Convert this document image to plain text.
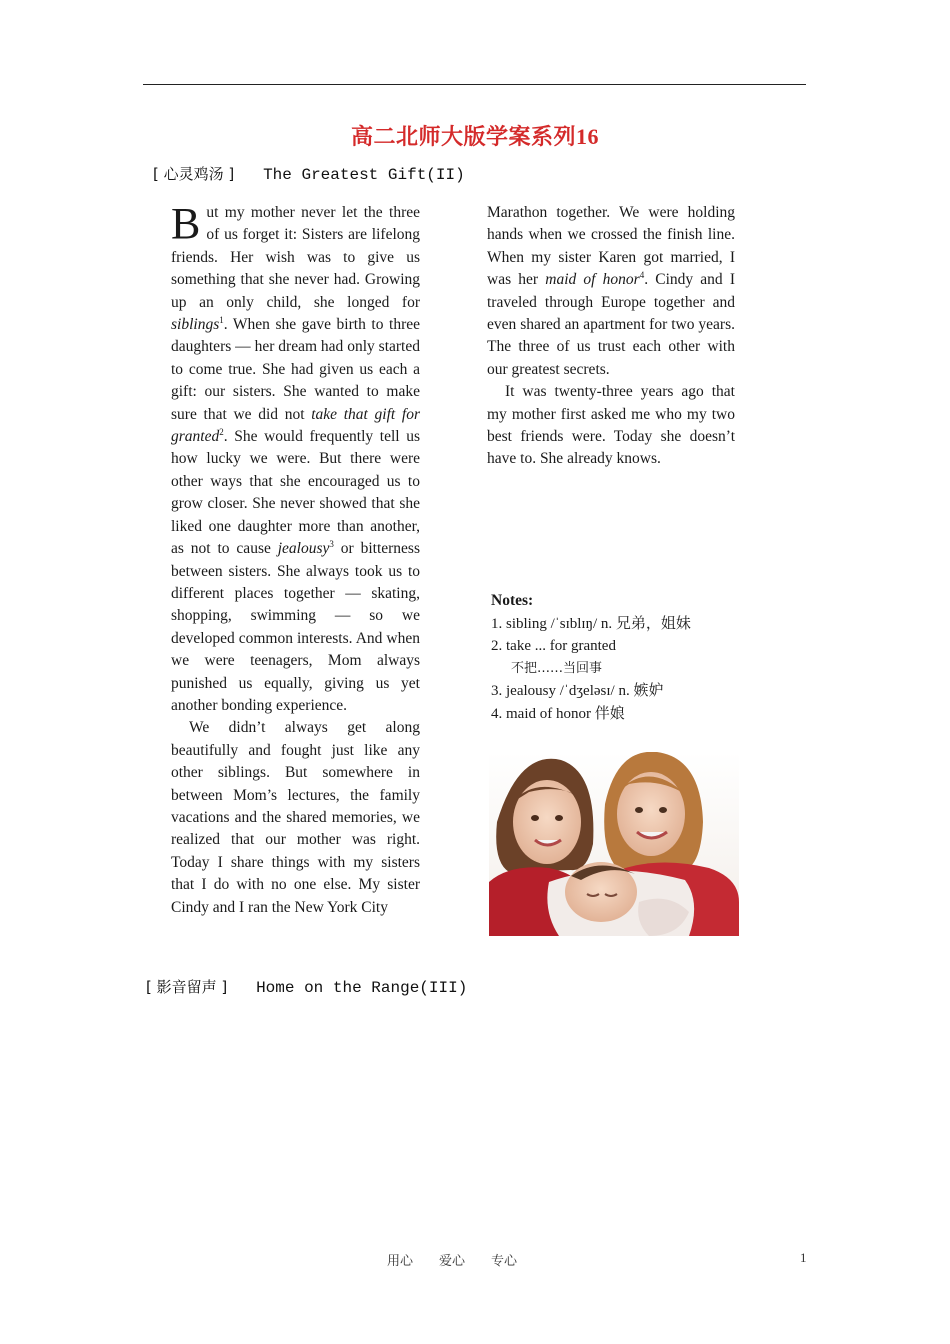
高二北师大版学案系列16
[ 心灵鸡汤 ] The Greatest Gift(II)

But my mother never let the three of us forget it: Sisters are lifelong friends. Her wish was to give us something that she never had. Growing up an only child, she longed for siblings$^1$. When she gave birth to three daughters — her dream had only started to come true. She had given us each a gift: our sisters. She wanted to make sure that we did not take that gift for granted$^2$. She would frequently tell us how lucky we were. But there were other ways that she encouraged us to grow closer. She never showed that she liked one daughter more than another, as not to cause jealousy$^3$ or bitterness between sisters. She always took us to different places together — skating, shopping, swimming — so we developed common interests. And when we were teenagers, Mom always punished us equally, giving us yet another bonding experience.

We didn’t always get along beautifully and fought just like any other siblings. But somewhere in between Mom’s lectures, the family vacations and the shared memories, we realized that our mother was right. Today I share things with my sisters that I do with no one else. My sister Cindy and I ran the New York City

Marathon together. We were holding hands when we crossed the finish line. When my sister Karen got married, I was her maid of honor$^4$. Cindy and I traveled through Europe together and even shared an apartment for two years. The three of us trust each other with our greatest secrets.

It was twenty-three years ago that my mother first asked me who my two best friends were. Today she doesn’t have to. She already knows.

Notes:
1. sibling /ˈsɪblɪŋ/ n. 兄弟，姐妹
2. take ... for granted
不把……当回事
3. jealousy /ˈdʒeləsɪ/ n. 嫉妒
4. maid of honor 伴娘
[ 影音留声 ] Home on the Range(III)
用心　　爱心　　专心	1
